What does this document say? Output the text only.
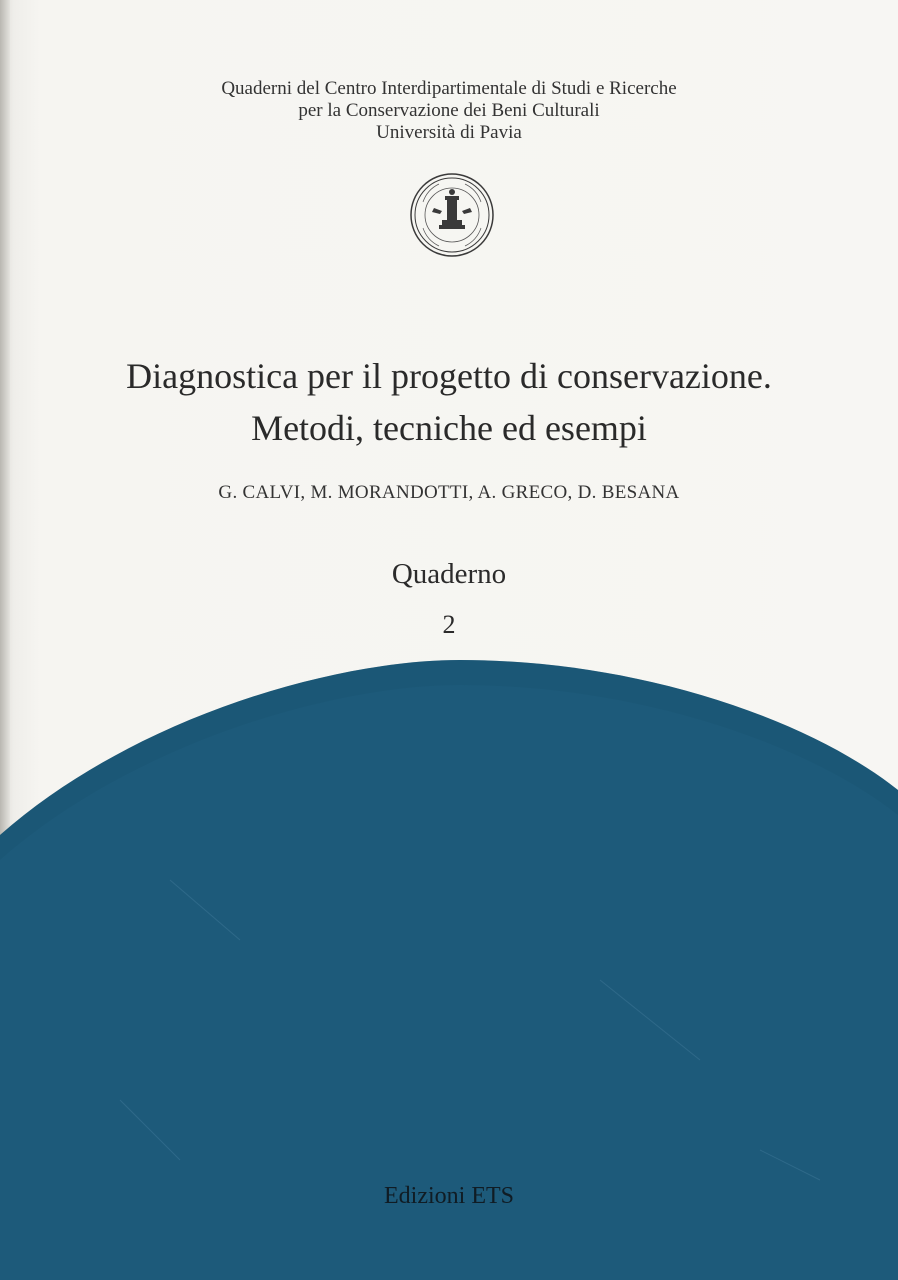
Quaderni del Centro Interdipartimentale di Studi e Ricerche
per la Conservazione dei Beni Culturali
Università di Pavia
Diagnostica per il progetto di conservazione.
Metodi, tecniche ed esempi
G. CALVI, M. MORANDOTTI, A. GRECO, D. BESANA
Quaderno
2
Edizioni ETS
